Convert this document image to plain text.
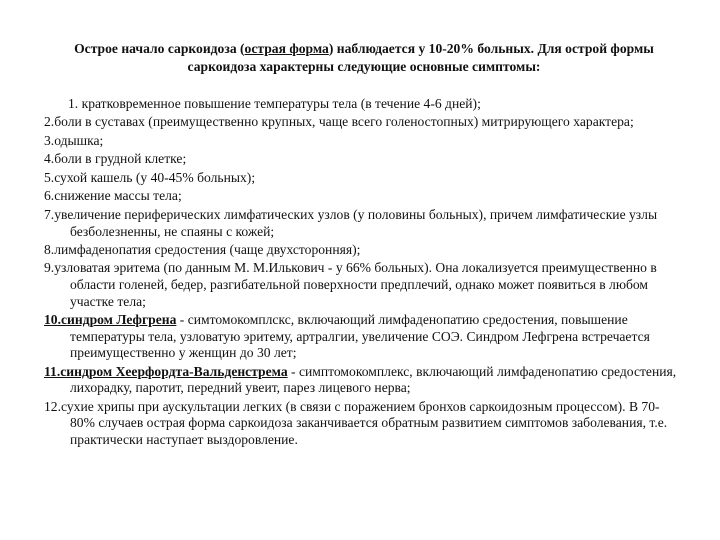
Острое начало саркоидоза (острая форма) наблюдается у 10-20% больных. Для острой формы саркоидоза характерны следующие основные симптомы:
1. кратковременное повышение температуры тела (в течение 4-6 дней);
2.боли в суставах (преимущественно крупных, чаще всего голеностопных) митрирующего характера;
3.одышка;
4.боли в грудной клетке;
5.сухой кашель (у 40-45% больных);
6.снижение массы тела;
7.увеличение периферических лимфатических узлов (у половины больных), причем лимфатические узлы безболезненны, не спаяны с кожей;
8.лимфаденопатия средостения (чаще двухсторонняя);
9.узловатая эритема (по данным М. М.Илькович - у 66% больных). Она локализуется преимущественно в области голеней, бедер, разгибательной поверхности предплечий, однако может появиться в любом участке тела;
10.синдром Лефгрена - симтомокомплскс, включающий лимфаденопатию средостения, повышение температуры тела, узловатую эритему, артралгии, увеличение СОЭ. Синдром Лефгрена встречается преимущественно у женщин до 30 лет;
11.синдром Хеерфордта-Вальденстрема - симптомокомплекс, включающий лимфаденопатию средостения, лихорадку, паротит, передний увеит, парез лицевого нерва;
12.сухие хрипы при аускультации легких (в связи с поражением бронхов саркоидозным процессом). В 70-80% случаев острая форма саркоидоза заканчивается обратным развитием симптомов заболевания, т.е. практически наступает выздоровление.
